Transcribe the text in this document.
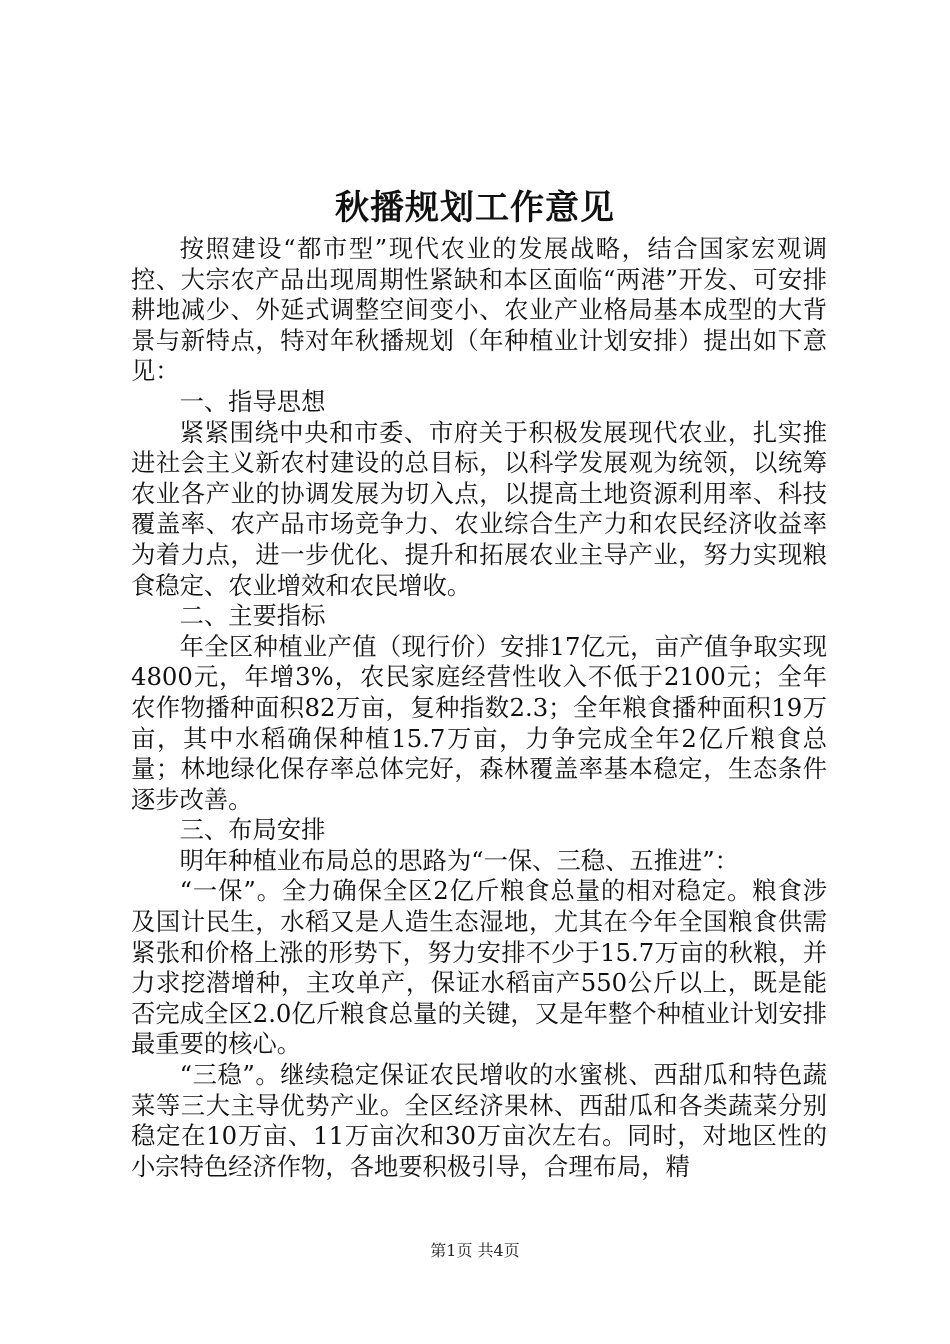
秋播规划工作意见

按照建设“都市型”现代农业的发展战略，结合国家宏观调控、大宗农产品出现周期性紧缺和本区面临“两港”开发、可安排耕地减少、外延式调整空间变小、农业产业格局基本成型的大背景与新特点，特对年秋播规划（年种植业计划安排）提出如下意见：

一、指导思想

紧紧围绕中央和市委、市府关于积极发展现代农业，扎实推进社会主义新农村建设的总目标，以科学发展观为统领，以统筹农业各产业的协调发展为切入点，以提高土地资源利用率、科技覆盖率、农产品市场竞争力、农业综合生产力和农民经济收益率为着力点，进一步优化、提升和拓展农业主导产业，努力实现粮食稳定、农业增效和农民增收。

二、主要指标

年全区种植业产值（现行价）安排17亿元，亩产值争取实现4800元，年增3%，农民家庭经营性收入不低于2100元；全年农作物播种面积82万亩，复种指数2.3；全年粮食播种面积19万亩，其中水稻确保种植15.7万亩，力争完成全年2亿斤粮食总量；林地绿化保存率总体完好，森林覆盖率基本稳定，生态条件逐步改善。

三、布局安排

明年种植业布局总的思路为“一保、三稳、五推进”：

“一保”。全力确保全区2亿斤粮食总量的相对稳定。粮食涉及国计民生，水稻又是人造生态湿地，尤其在今年全国粮食供需紧张和价格上涨的形势下，努力安排不少于15.7万亩的秋粮，并力求挖潜增种，主攻单产，保证水稻亩产550公斤以上，既是能否完成全区2.0亿斤粮食总量的关键，又是年整个种植业计划安排最重要的核心。

“三稳”。继续稳定保证农民增收的水蜜桃、西甜瓜和特色蔬菜等三大主导优势产业。全区经济果林、西甜瓜和各类蔬菜分别稳定在10万亩、11万亩次和30万亩次左右。同时，对地区性的小宗特色经济作物，各地要积极引导，合理布局，精

第1页 共4页
